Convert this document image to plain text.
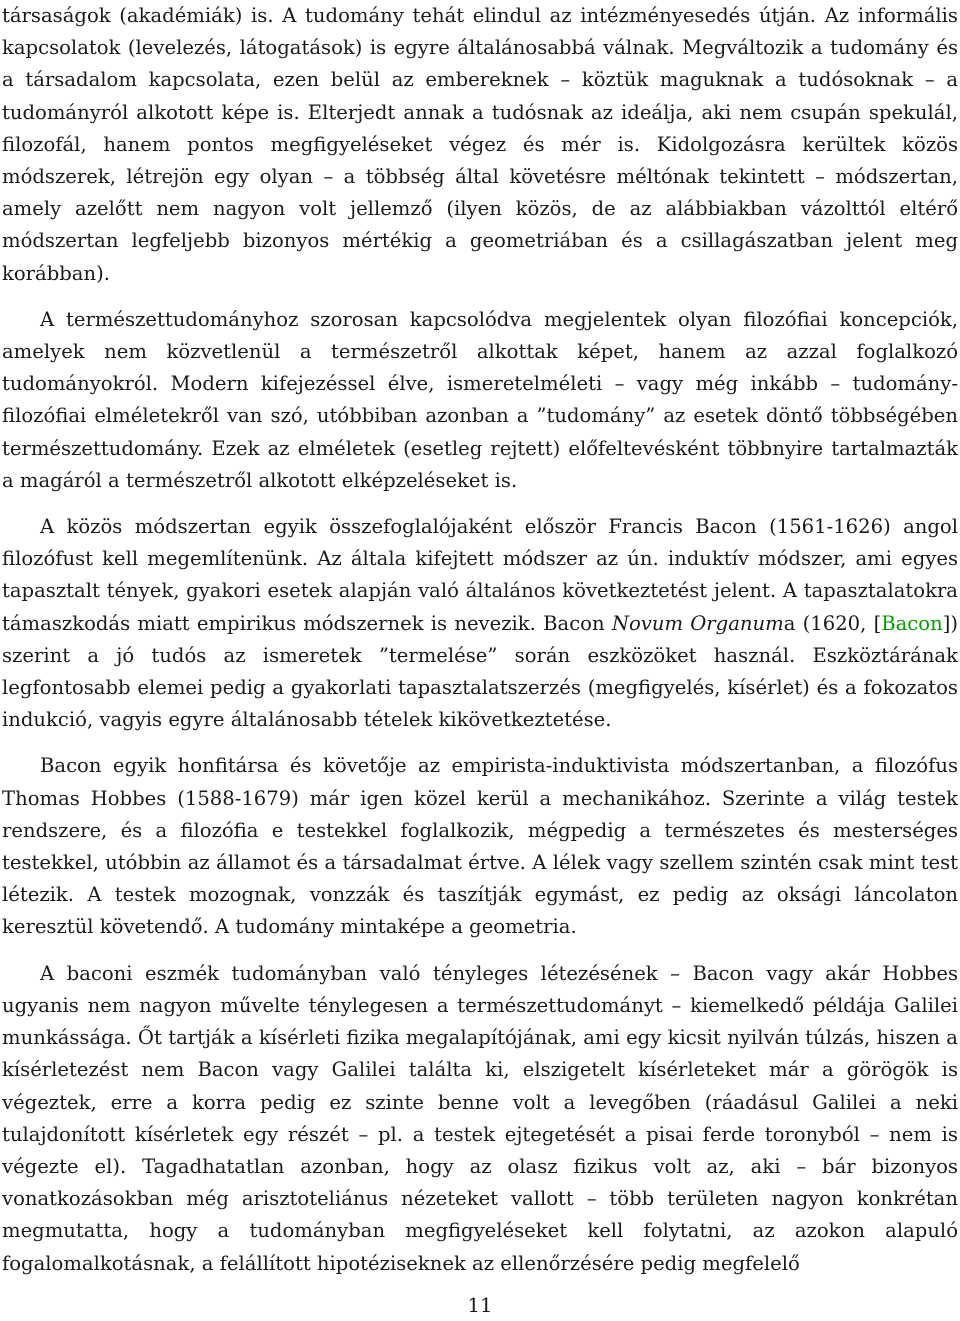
társaságok (akadémiák) is. A tudomány tehát elindul az intézményesedés útján. Az informális kapcsolatok (levelezés, látogatások) is egyre általánosabbá válnak. Megváltozik a tudomány és a társadalom kapcsolata, ezen belül az embereknek – köztük maguknak a tudósoknak – a tudományról alkotott képe is. Elterjedt annak a tudósnak az ideálja, aki nem csupán spekulál, filozofál, hanem pontos megfigyeléseket végez és mér is. Kidolgozásra kerültek közös módszerek, létrejön egy olyan – a többség által követésre méltónak tekintett – módszertan, amely azelőtt nem nagyon volt jellemző (ilyen közös, de az alábbiakban vázolttól eltérő módszertan legfeljebb bizonyos mértékig a geometriában és a csillagászatban jelent meg korábban).

A természettudományhoz szorosan kapcsolódva megjelentek olyan filozófiai koncepciók, amelyek nem közvetlenül a természetről alkottak képet, hanem az azzal foglalkozó tudományokról. Modern kifejezéssel élve, ismeretelméleti – vagy még inkább – tudományfilozófiai elméletekről van szó, utóbbiban azonban a ”tudomány” az esetek döntő többségében természettudomány. Ezek az elméletek (esetleg rejtett) előfeltevésként többnyire tartalmazták a magáról a természetről alkotott elképzeléseket is.

A közös módszertan egyik összefoglalójaként először Francis Bacon (1561-1626) angol filozófust kell megemlítenünk. Az általa kifejtett módszer az ún. induktív módszer, ami egyes tapasztalt tények, gyakori esetek alapján való általános következtetést jelent. A tapasztalatokra támaszkodás miatt empirikus módszernek is nevezik. Bacon Novum Organuma (1620, [Bacon]) szerint a jó tudós az ismeretek ”termelése” során eszközöket használ. Eszköztárának legfontosabb elemei pedig a gyakorlati tapasztalatszerzés (megfigyelés, kísérlet) és a fokozatos indukció, vagyis egyre általánosabb tételek kikövetkeztetése.

Bacon egyik honfitársa és követője az empirista-induktivista módszertanban, a filozófus Thomas Hobbes (1588-1679) már igen közel kerül a mechanikához. Szerinte a világ testek rendszere, és a filozófia e testekkel foglalkozik, mégpedig a természetes és mesterséges testekkel, utóbbin az államot és a társadalmat értve. A lélek vagy szellem szintén csak mint test létezik. A testek mozognak, vonzzák és taszítják egymást, ez pedig az oksági láncolaton keresztül követendő. A tudomány mintaképe a geometria.

A baconi eszmék tudományban való tényleges létezésének – Bacon vagy akár Hobbes ugyanis nem nagyon művelte ténylegesen a természettudományt – kiemelkedő példája Galilei munkássága. Őt tartják a kísérleti fizika megalapítójának, ami egy kicsit nyilván túlzás, hiszen a kísérletezést nem Bacon vagy Galilei találta ki, elszigetelt kísérleteket már a görögök is végeztek, erre a korra pedig ez szinte benne volt a levegőben (ráadásul Galilei a neki tulajdonított kísérletek egy részét – pl. a testek ejtegetését a pisai ferde toronyból – nem is végezte el). Tagadhatatlan azonban, hogy az olasz fizikus volt az, aki – bár bizonyos vonatkozásokban még arisztoteliánus nézeteket vallott – több területen nagyon konkrétan megmutatta, hogy a tudományban megfigyeléseket kell folytatni, az azokon alapuló fogalomalkotásnak, a felállított hipotéziseknek az ellenőrzésére pedig megfelelő

11
